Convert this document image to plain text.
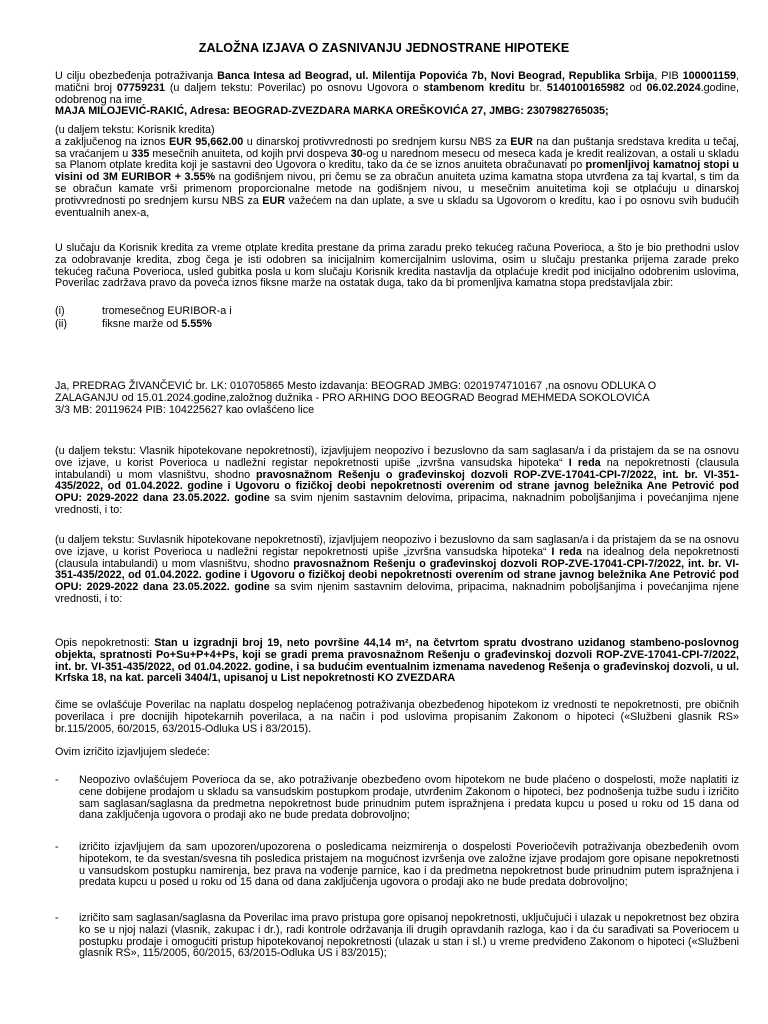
ZALOŽNA IZJAVA O ZASNIVANJU JEDNOSTRANE HIPOTEKE

U cilju obezbeđenja potraživanja Banca Intesa ad Beograd, ul. Milentija Popovića 7b, Novi Beograd, Republika Srbija, PIB 100001159, matični broj 07759231 (u daljem tekstu: Poverilac) po osnovu Ugovora o stambenom kreditu br. 5140100165982 od 06.02.2024.godine, odobrenog na ime
MAJA MILOJEVIĆ-RAKIĆ, Adresa: BEOGRAD-ZVEZDARA MARKA OREŠKOVIĆA 27, JMBG: 2307982765035;

(u daljem tekstu: Korisnik kredita)
a zaključenog na iznos EUR 95,662.00 u dinarskoj protivvrednosti po srednjem kursu NBS za EUR na dan puštanja sredstava kredita u tečaj, sa vraćanjem u 335 mesečnih anuiteta, od kojih prvi dospeva 30-og u narednom mesecu od meseca kada je kredit realizovan, a ostali u skladu sa Planom otplate kredita koji je sastavni deo Ugovora o kreditu, tako da će se iznos anuiteta obračunavati po promenljivoj kamatnoj stopi u visini od 3M EURIBOR + 3.55% na godišnjem nivou, pri čemu se za obračun anuiteta uzima kamatna stopa utvrđena za taj kvartal, s tim da se obračun kamate vrši primenom proporcionalne metode na godišnjem nivou, u mesečnim anuitetima koji se otplaćuju u dinarskoj protivvrednosti po srednjem kursu NBS za EUR važećem na dan uplate, a sve u skladu sa Ugovorom o kreditu, kao i po osnovu svih budućih eventualnih anex-a,

U slučaju da Korisnik kredita za vreme otplate kredita prestane da prima zaradu preko tekućeg računa Poverioca, a što je bio prethodni uslov za odobravanje kredita, zbog čega je isti odobren sa inicijalnim komercijalnim uslovima, osim u slučaju prestanka prijema zarade preko tekućeg računa Poverioca, usled gubitka posla u kom slučaju Korisnik kredita nastavlja da otplaćuje kredit pod inicijalno odobrenim uslovima, Poverilac zadržava pravo da poveća iznos fiksne marže na ostatak duga, tako da bi promenljiva kamatna stopa predstavljala zbir:

(i)	tromesečnog EURIBOR-a i
(ii)	fiksne marže od 5.55%
Ja, PREDRAG ŽIVANČEVIĆ br. LK: 010705865 Mesto izdavanja: BEOGRAD JMBG: 0201974710167 ,na osnovu ODLUKA O
ZALAGANJU od 15.01.2024.godine,založnog dužnika - PRO ARHING DOO BEOGRAD Beograd MEHMEDA SOKOLOVIĆA
3/3 MB: 20119624 PIB: 104225627 kao ovlašćeno lice

(u daljem tekstu: Vlasnik hipotekovane nepokretnosti), izjavljujem neopozivo i bezuslovno da sam saglasan/a i da pristajem da se na osnovu ove izjave, u korist Poverioca u nadležni registar nepokretnosti upiše „izvršna vansudska hipoteka“ I reda na nepokretnosti (clausula intabulandi) u mom vlasništvu, shodno pravosnažnom Rešenju o građevinskoj dozvoli ROP-ZVE-17041-CPI-7/2022, int. br. VI-351-435/2022, od 01.04.2022. godine i Ugovoru o fizičkoj deobi nepokretnosti overenim od strane javnog beležnika Ane Petrović pod OPU: 2029-2022 dana 23.05.2022. godine sa svim njenim sastavnim delovima, pripacima, naknadnim poboljšanjima i povećanjima njene vrednosti, i to:

(u daljem tekstu: Suvlasnik hipotekovane nepokretnosti), izjavljujem neopozivo i bezuslovno da sam saglasan/a i da pristajem da se na osnovu ove izjave, u korist Poverioca u nadležni registar nepokretnosti upiše „izvršna vansudska hipoteka“ I reda na idealnog dela nepokretnosti (clausula intabulandi) u mom vlasništvu, shodno pravosnažnom Rešenju o građevinskoj dozvoli ROP-ZVE-17041-CPI-7/2022, int. br. VI-351-435/2022, od 01.04.2022. godine i Ugovoru o fizičkoj deobi nepokretnosti overenim od strane javnog beležnika Ane Petrović pod OPU: 2029-2022 dana 23.05.2022. godine sa svim njenim sastavnim delovima, pripacima, naknadnim poboljšanjima i povećanjima njene vrednosti, i to:

Opis nepokretnosti: Stan u izgradnji broj 19, neto površine 44,14 m², na četvrtom spratu dvostrano uzidanog stambeno-poslovnog objekta, spratnosti Po+Su+P+4+Ps, koji se gradi prema pravosnažnom Rešenju o građevinskoj dozvoli ROP-ZVE-17041-CPI-7/2022, int. br. VI-351-435/2022, od 01.04.2022. godine, i sa budućim eventualnim izmenama navedenog Rešenja o građevinskoj dozvoli, u ul. Krfska 18, na kat. parceli 3404/1, upisanoj u List nepokretnosti KO ZVEZDARA

čime se ovlašćuje Poverilac na naplatu dospelog neplaćenog potraživanja obezbeđenog hipotekom iz vrednosti te nepokretnosti, pre običnih poverilaca i pre docnijih hipotekarnih poverilaca, a na način i pod uslovima propisanim Zakonom o hipoteci («Službeni glasnik RS» br.115/2005, 60/2015, 63/2015-Odluka US i 83/2015).

Ovim izričito izjavljujem sledeće:

- Neopozivo ovlašćujem Poverioca da se, ako potraživanje obezbeđeno ovom hipotekom ne bude plaćeno o dospelosti, može naplatiti iz cene dobijene prodajom u skladu sa vansudskim postupkom prodaje, utvrđenim Zakonom o hipoteci, bez podnošenja tužbe sudu i izričito sam saglasan/saglasna da predmetna nepokretnost bude prinudnim putem ispražnjena i predata kupcu u posed u roku od 15 dana od dana zaključenja ugovora o prodaji ako ne bude predata dobrovoljno;
- izričito izjavljujem da sam upozoren/upozorena o posledicama neizmirenja o dospelosti Poveriočevih potraživanja obezbeđenih ovom hipotekom, te da svestan/svesna tih posledica pristajem na mogućnost izvršenja ove založne izjave prodajom gore opisane nepokretnosti u vansudskom postupku namirenja, bez prava na vođenje parnice, kao i da predmetna nepokretnost bude prinudnim putem ispražnjena i predata kupcu u posed u roku od 15 dana od dana zaključenja ugovora o prodaji ako ne bude predata dobrovoljno;
- izričito sam saglasan/saglasna da Poverilac ima pravo pristupa gore opisanoj nepokretnosti, uključujući i ulazak u nepokretnost bez obzira ko se u njoj nalazi (vlasnik, zakupac i dr.), radi kontrole održavanja ili drugih opravdanih razloga, kao i da ću sarađivati sa Poveriocem u postupku prodaje i omogućiti pristup hipotekovanoj nepokretnosti (ulazak u stan i sl.) u vreme predviđeno Zakonom o hipoteci («Službeni glasnik RS», 115/2005, 60/2015, 63/2015-Odluka US i 83/2015);
